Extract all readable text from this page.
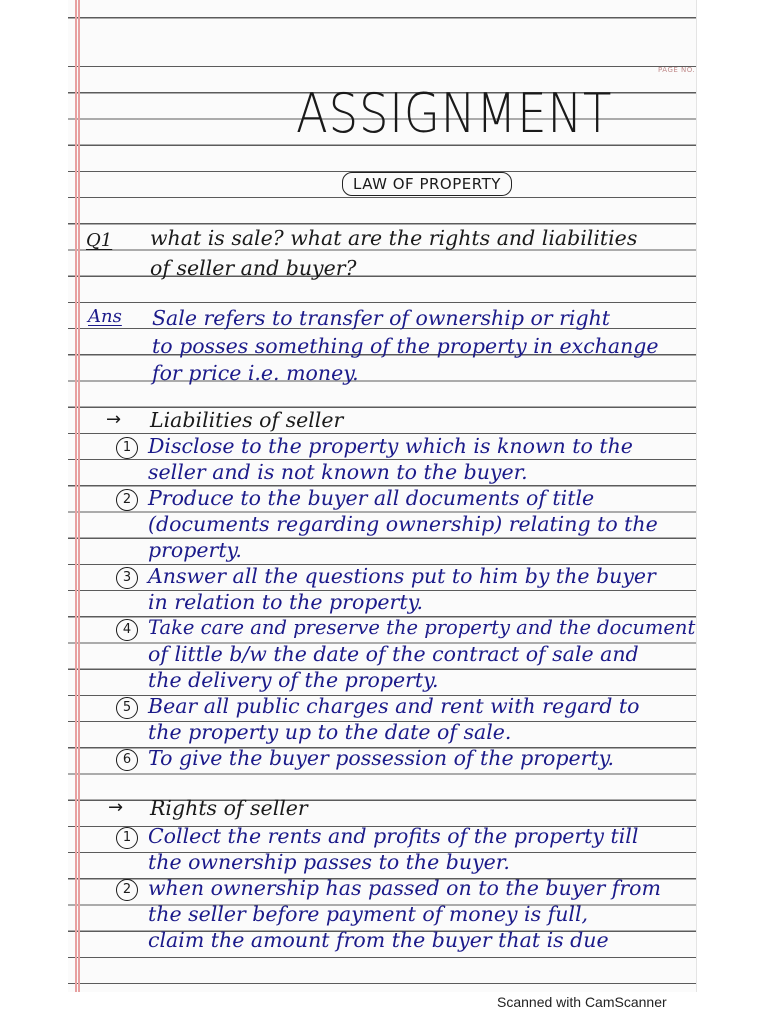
PAGE NO.
ASSIGNMENT
LAW OF PROPERTY
Q1 what is sale? what are the rights and liabilities
of seller and buyer?
Ans Sale refers to transfer of ownership or right
to posses something of the property in exchange
for price i.e. money.
→ Liabilities of seller
1 Disclose to the property which is known to the
seller and is not known to the buyer.
2 Produce to the buyer all documents of title
(documents regarding ownership) relating to the
property.
3 Answer all the questions put to him by the buyer
in relation to the property.
4 Take care and preserve the property and the document
of little b/w the date of the contract of sale and
the delivery of the property.
5 Bear all public charges and rent with regard to
the property up to the date of sale.
6 To give the buyer possession of the property.
→ Rights of seller
1 Collect the rents and profits of the property till
the ownership passes to the buyer.
2 when ownership has passed on to the buyer from
the seller before payment of money is full,
claim the amount from the buyer that is due
Scanned with CamScanner
